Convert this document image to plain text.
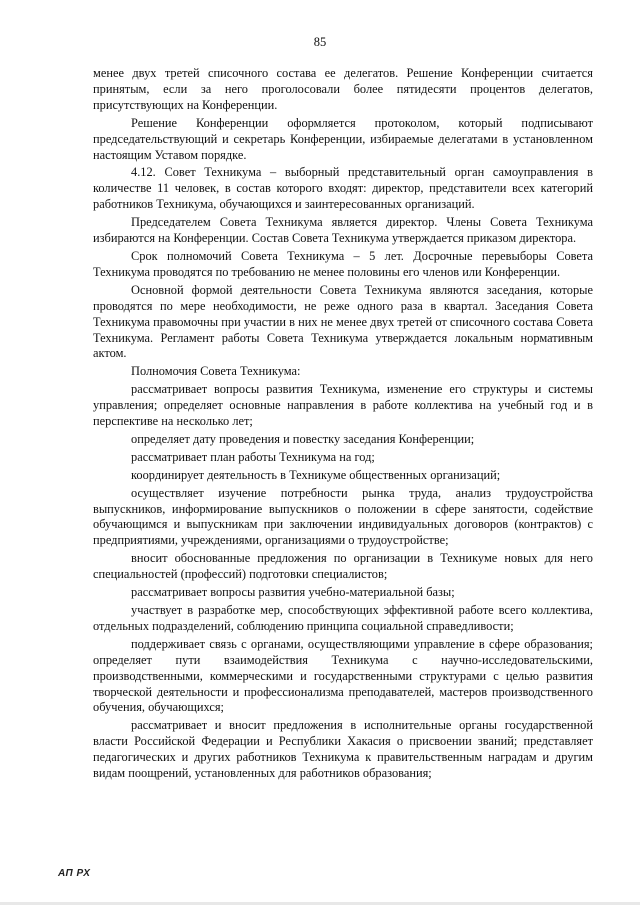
85

менее двух третей списочного состава ее делегатов. Решение Конференции считается принятым, если за него проголосовали более пятидесяти процентов делегатов, присутствующих на Конференции.

Решение Конференции оформляется протоколом, который подписывают председательствующий и секретарь Конференции, избираемые делегатами в установленном настоящим Уставом порядке.

4.12. Совет Техникума – выборный представительный орган самоуправления в количестве 11 человек, в состав которого входят: директор, представители всех категорий работников Техникума, обучающихся и заинтересованных организаций.

Председателем Совета Техникума является директор. Члены Совета Техникума избираются на Конференции. Состав Совета Техникума утверждается приказом директора.

Срок полномочий Совета Техникума – 5 лет. Досрочные перевыборы Совета Техникума проводятся по требованию не менее половины его членов или Конференции.

Основной формой деятельности Совета Техникума являются заседания, которые проводятся по мере необходимости, не реже одного раза в квартал. Заседания Совета Техникума правомочны при участии в них не менее двух третей от списочного состава Совета Техникума. Регламент работы Совета Техникума утверждается локальным нормативным актом.

Полномочия Совета Техникума:

рассматривает вопросы развития Техникума, изменение его структуры и системы управления; определяет основные направления в работе коллектива на учебный год и в перспективе на несколько лет;

определяет дату проведения и повестку заседания Конференции;

рассматривает план работы Техникума на год;

координирует деятельность в Техникуме общественных организаций;

осуществляет изучение потребности рынка труда, анализ трудоустройства выпускников, информирование выпускников о положении в сфере занятости, содействие обучающимся и выпускникам при заключении индивидуальных договоров (контрактов) с предприятиями, учреждениями, организациями о трудоустройстве;

вносит обоснованные предложения по организации в Техникуме новых для него специальностей (профессий) подготовки специалистов;

рассматривает вопросы развития учебно-материальной базы;

участвует в разработке мер, способствующих эффективной работе всего коллектива, отдельных подразделений, соблюдению принципа социальной справедливости;

поддерживает связь с органами, осуществляющими управление в сфере образования; определяет пути взаимодействия Техникума с научно-исследовательскими, производственными, коммерческими и государственными структурами с целью развития творческой деятельности и профессионализма преподавателей, мастеров производственного обучения, обучающихся;

рассматривает и вносит предложения в исполнительные органы государственной власти Российской Федерации и Республики Хакасия о присвоении званий; представляет педагогических и других работников Техникума к правительственным наградам и другим видам поощрений, установленных для работников образования;

АП РХ
